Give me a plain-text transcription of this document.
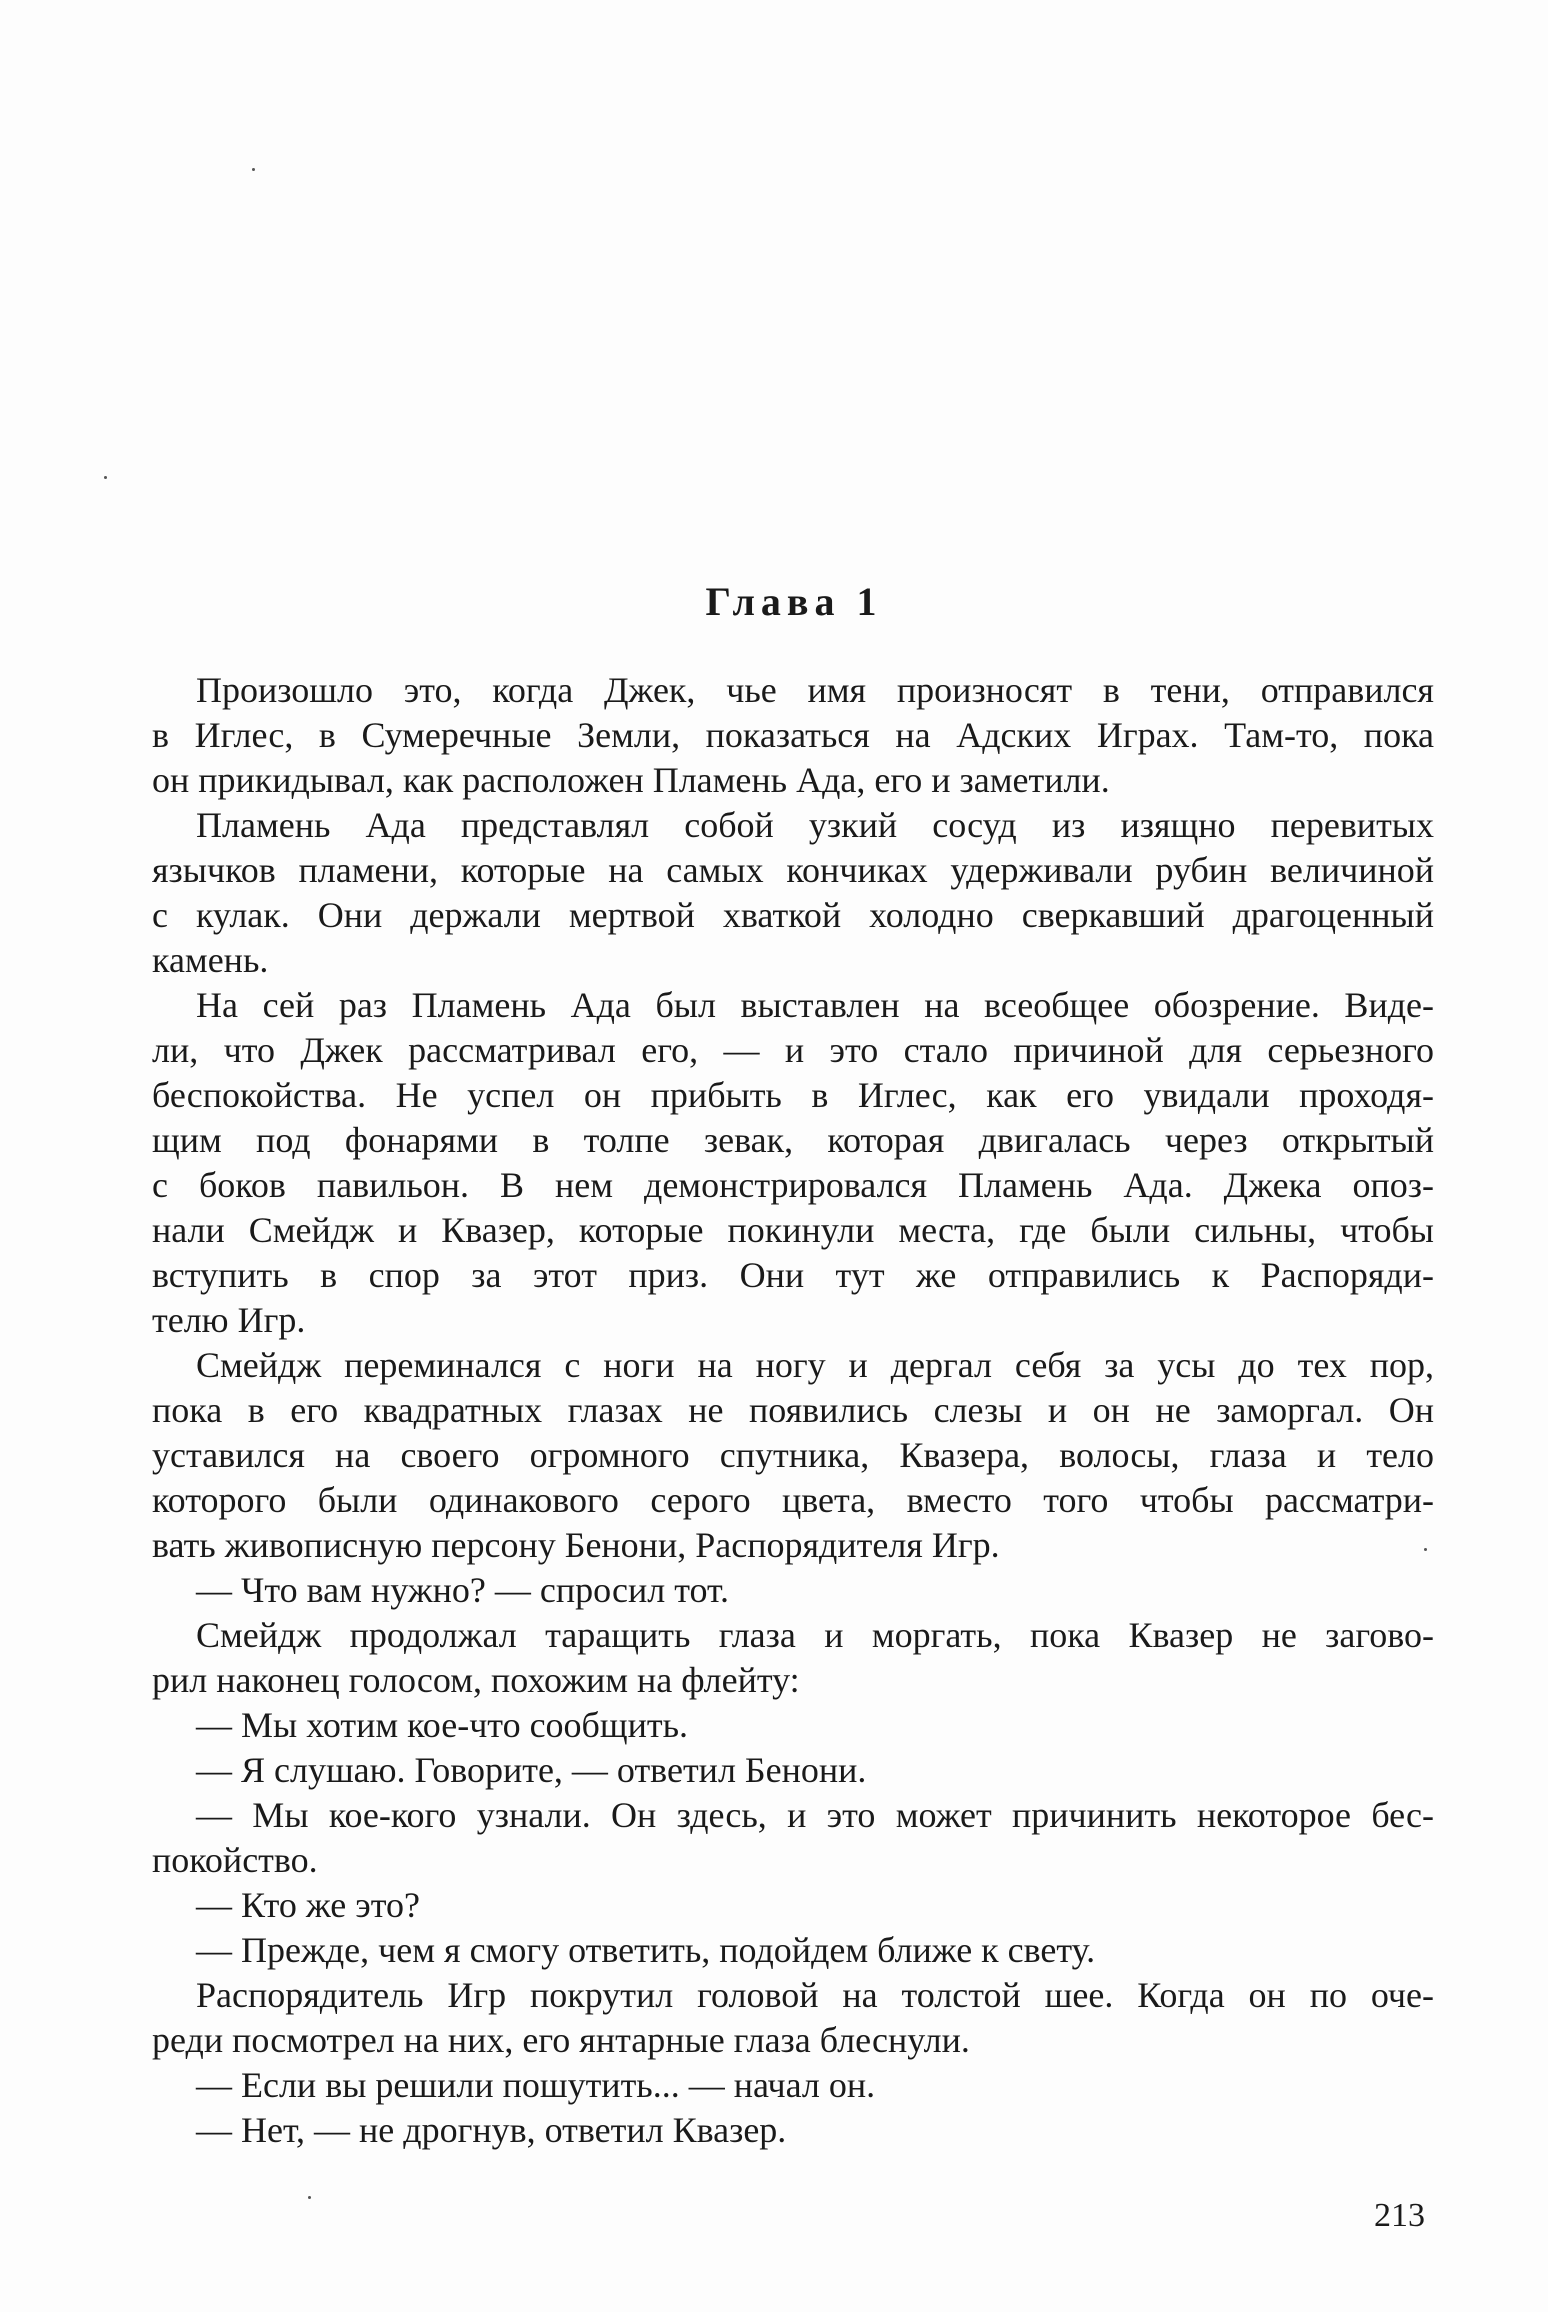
Глава 1
Произошло это, когда Джек, чье имя произносят в тени, отправился
в Иглес, в Сумеречные Земли, показаться на Адских Играх. Там-то, пока
он прикидывал, как расположен Пламень Ада, его и заметили.
Пламень Ада представлял собой узкий сосуд из изящно перевитых
язычков пламени, которые на самых кончиках удерживали рубин величиной
с кулак. Они держали мертвой хваткой холодно сверкавший драгоценный
камень.
На сей раз Пламень Ада был выставлен на всеобщее обозрение. Виде-
ли, что Джек рассматривал его, — и это стало причиной для серьезного
беспокойства. Не успел он прибыть в Иглес, как его увидали проходя-
щим под фонарями в толпе зевак, которая двигалась через открытый
с боков павильон. В нем демонстрировался Пламень Ада. Джека опоз-
нали Смейдж и Квазер, которые покинули места, где были сильны, чтобы
вступить в спор за этот приз. Они тут же отправились к Распоряди-
телю Игр.
Смейдж переминался с ноги на ногу и дергал себя за усы до тех пор,
пока в его квадратных глазах не появились слезы и он не заморгал. Он
уставился на своего огромного спутника, Квазера, волосы, глаза и тело
которого были одинакового серого цвета, вместо того чтобы рассматри-
вать живописную персону Бенони, Распорядителя Игр.
— Что вам нужно? — спросил тот.
Смейдж продолжал таращить глаза и моргать, пока Квазер не загово-
рил наконец голосом, похожим на флейту:
— Мы хотим кое-что сообщить.
— Я слушаю. Говорите, — ответил Бенони.
— Мы кое-кого узнали. Он здесь, и это может причинить некоторое бес-
покойство.
— Кто же это?
— Прежде, чем я смогу ответить, подойдем ближе к свету.
Распорядитель Игр покрутил головой на толстой шее. Когда он по оче-
реди посмотрел на них, его янтарные глаза блеснули.
— Если вы решили пошутить... — начал он.
— Нет, — не дрогнув, ответил Квазер.
213
